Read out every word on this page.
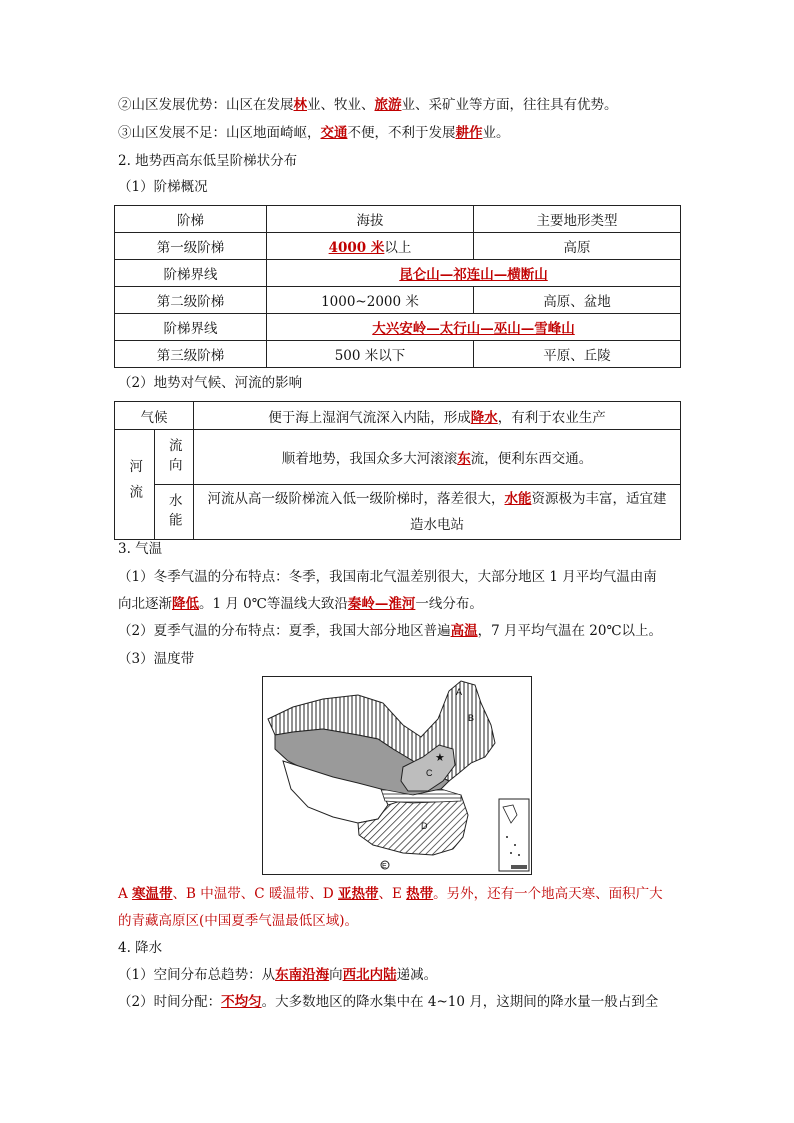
②山区发展优势：山区在发展林业、牧业、旅游业、采矿业等方面，往往具有优势。
③山区发展不足：山区地面崎岖，交通不便，不利于发展耕作业。
2. 地势西高东低呈阶梯状分布
（1）阶梯概况
阶梯	海拔	主要地形类型
第一级阶梯	4000 米以上	高原
阶梯界线	昆仑山—祁连山—横断山	
第二级阶梯	1000~2000 米	高原、盆地
阶梯界线	大兴安岭—太行山—巫山—雪峰山	
第三级阶梯	500 米以下	平原、丘陵
（2）地势对气候、河流的影响
气候		便于海上湿润气流深入内陆，形成降水，有利于农业生产

河流	流向	顺着地势，我国众多大河滚滚东流，便利东西交通。

	水能	河流从高一级阶梯流入低一级阶梯时，落差很大，水能资源极为丰富，适宜建
造水电站
3. 气温
（1）冬季气温的分布特点：冬季，我国南北气温差别很大，大部分地区 1 月平均气温由南
向北逐渐降低。1 月 0℃等温线大致沿秦岭—淮河一线分布。
（2）夏季气温的分布特点：夏季，我国大部分地区普遍高温，7 月平均气温在 20℃以上。
（3）温度带
★
A
B
C
D
E
A 寒温带、B 中温带、C 暖温带、D 亚热带、E 热带。另外，还有一个地高天寒、面积广大
的青藏高原区(中国夏季气温最低区域)。
4. 降水
（1）空间分布总趋势：从东南沿海向西北内陆递减。
（2）时间分配：不均匀。大多数地区的降水集中在 4~10 月，这期间的降水量一般占到全
